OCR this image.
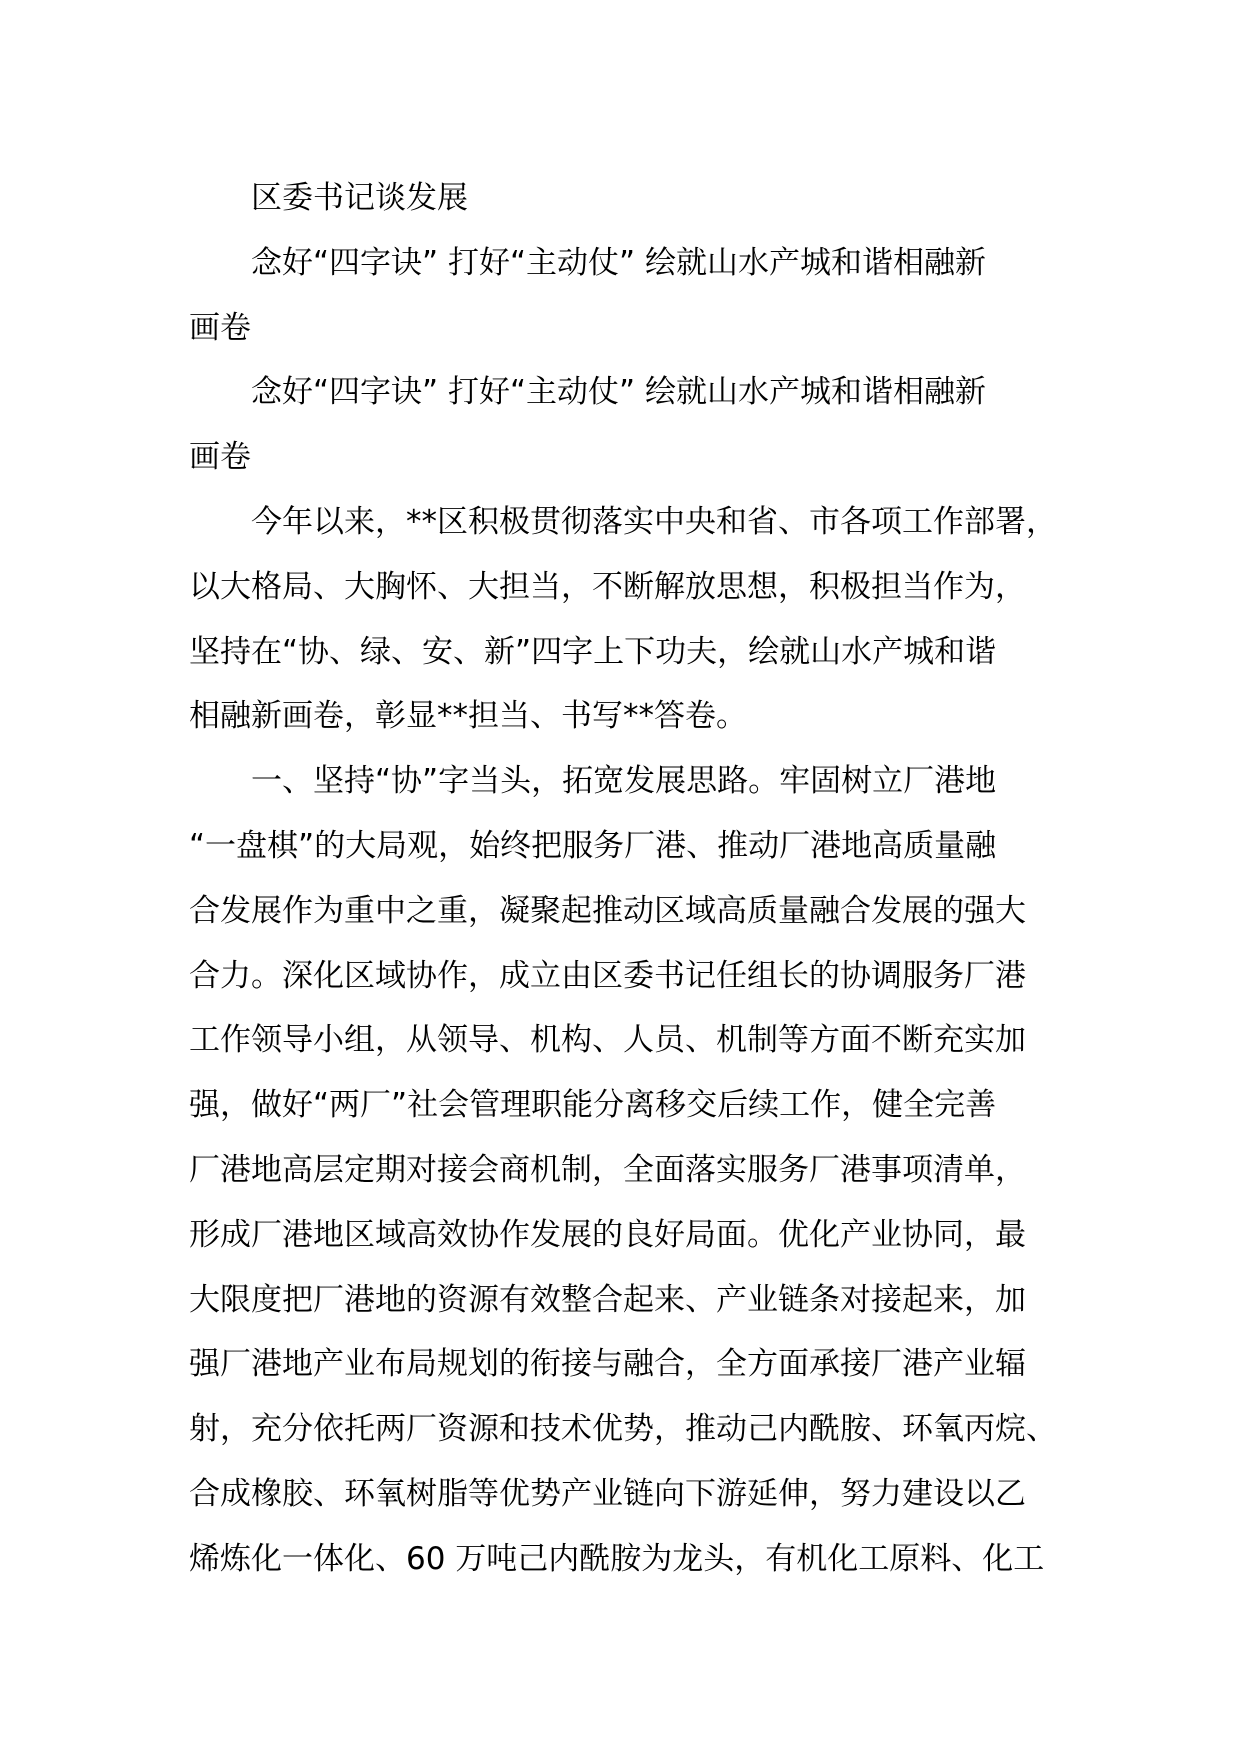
区委书记谈发展
念好“四字诀” 打好“主动仗” 绘就山水产城和谐相融新
画卷
念好“四字诀” 打好“主动仗” 绘就山水产城和谐相融新
画卷
今年以来，**区积极贯彻落实中央和省、市各项工作部署，
以大格局、大胸怀、大担当，不断解放思想，积极担当作为，
坚持在“协、绿、安、新”四字上下功夫，绘就山水产城和谐
相融新画卷，彰显**担当、书写**答卷。
一、坚持“协”字当头，拓宽发展思路。牢固树立厂港地
“一盘棋”的大局观，始终把服务厂港、推动厂港地高质量融
合发展作为重中之重，凝聚起推动区域高质量融合发展的强大
合力。深化区域协作，成立由区委书记任组长的协调服务厂港
工作领导小组，从领导、机构、人员、机制等方面不断充实加
强，做好“两厂”社会管理职能分离移交后续工作，健全完善
厂港地高层定期对接会商机制，全面落实服务厂港事项清单，
形成厂港地区域高效协作发展的良好局面。优化产业协同，最
大限度把厂港地的资源有效整合起来、产业链条对接起来，加
强厂港地产业布局规划的衔接与融合，全方面承接厂港产业辐
射，充分依托两厂资源和技术优势，推动己内酰胺、环氧丙烷、
合成橡胶、环氧树脂等优势产业链向下游延伸，努力建设以乙
烯炼化一体化、60 万吨己内酰胺为龙头，有机化工原料、化工
